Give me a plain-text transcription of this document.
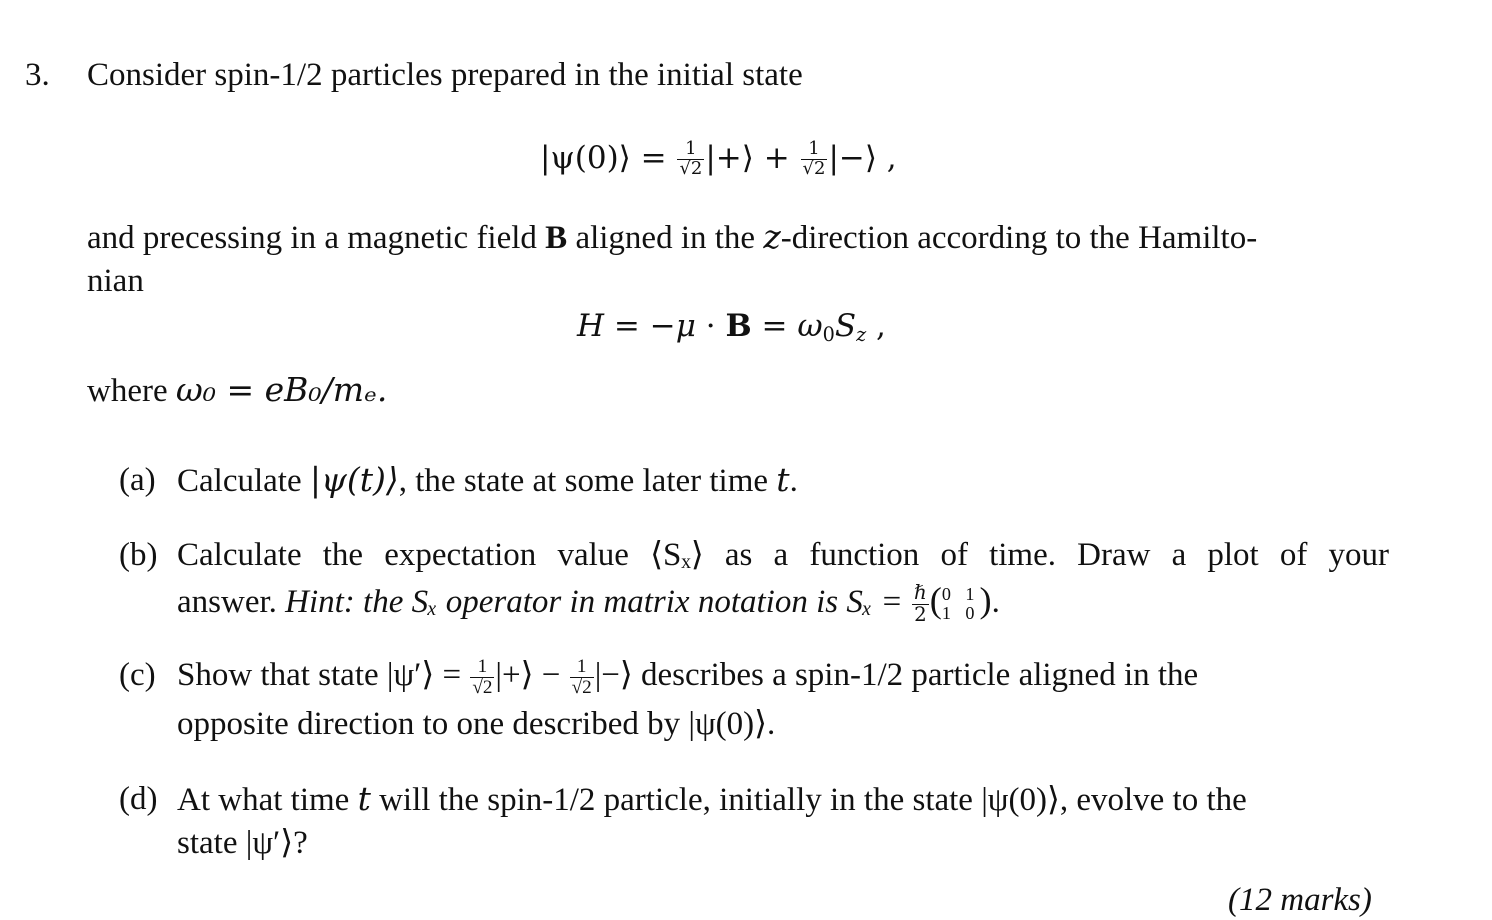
3. Consider spin-1/2 particles prepared in the initial state
|ψ(0)⟩ = $\frac{1}{√2}$ |+⟩ + $\frac{1}{√2}$ |−⟩ ,
and precessing in a magnetic field B aligned in the z-direction according to the Hamilto-
nian
$H = -\mu \cdot B = \omega_0S_z$ ,
where ω₀ = eB₀/mₑ.
(a) Calculate |ψ(t)⟩, the state at some later time t.
(b) Calculate the expectation value ⟨Sₓ⟩ as a function of time. Draw a plot of your
answer. Hint: the Sₓ operator in matrix notation is $S_x = \frac{\text{ℏ}}{2}$ ( 0 1
1 0 ).
(c) Show that state |ψ′⟩ = $\frac{1}{√2}$ |+⟩ − $\frac{1}{√2}$ |−⟩ describes a spin-1/2 particle aligned in the
opposite direction to one described by |ψ(0)⟩.
(d) At what time t will the spin-1/2 particle, initially in the state |ψ(0)⟩, evolve to the
state |ψ′⟩?
(12 marks)
